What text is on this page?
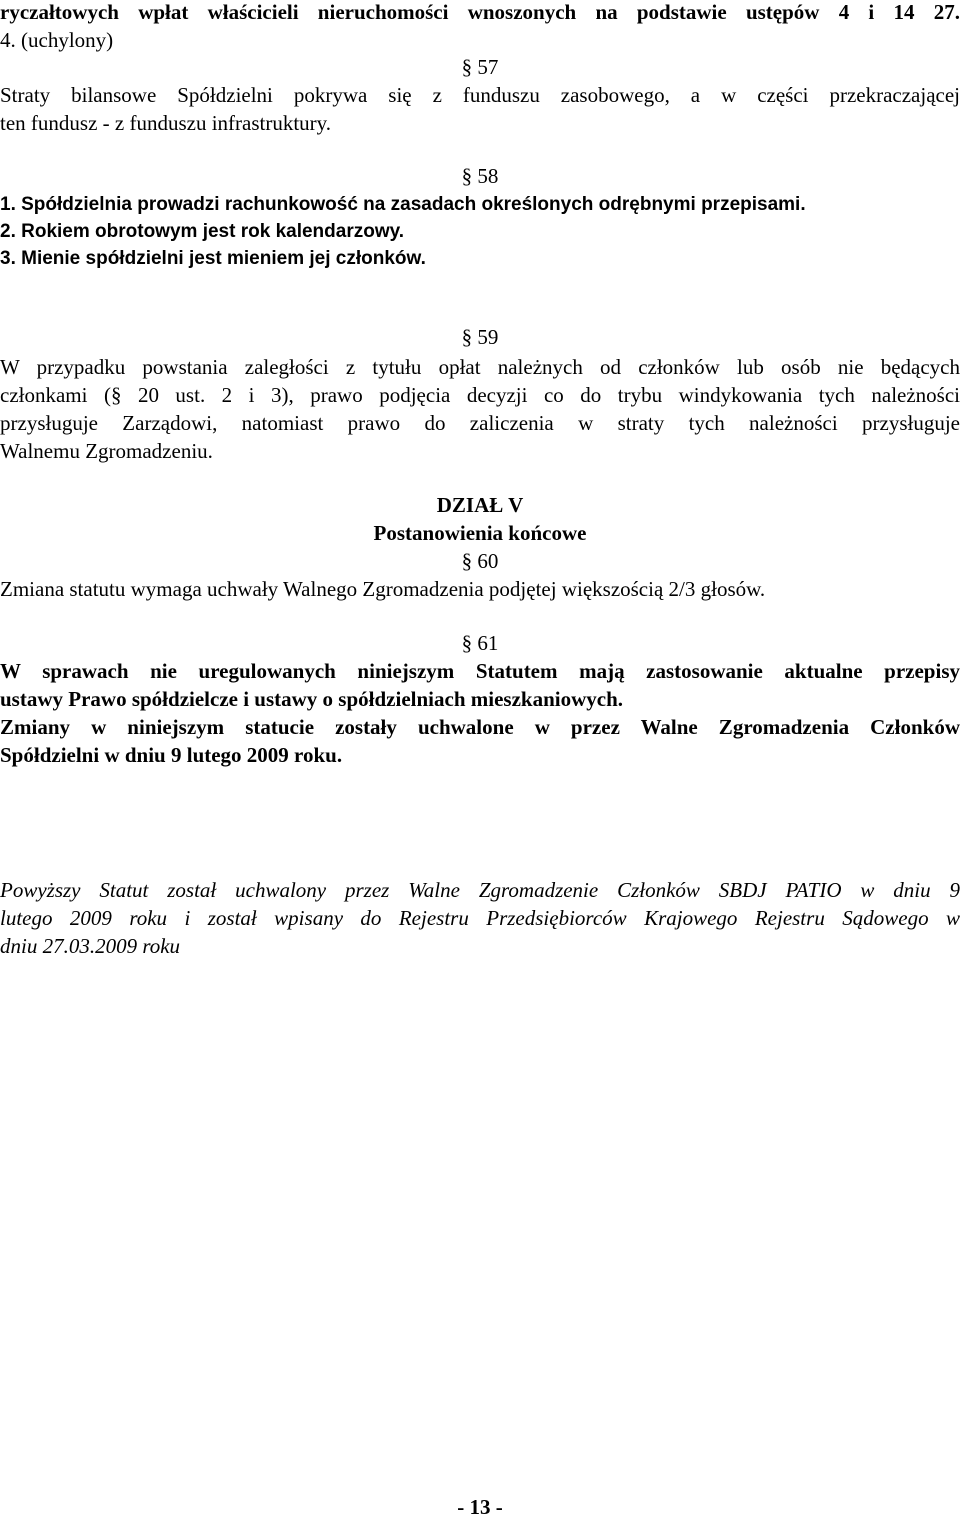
ryczałtowych wpłat właścicieli nieruchomości wnoszonych na podstawie ustępów 4 i 14 27.

4. (uchylony)

§ 57

Straty bilansowe Spółdzielni pokrywa się z funduszu zasobowego, a w części przekraczającej

ten fundusz - z funduszu infrastruktury.

§ 58

1. Spółdzielnia prowadzi rachunkowość na zasadach określonych odrębnymi przepisami.

2. Rokiem obrotowym jest rok kalendarzowy.

3. Mienie spółdzielni jest mieniem jej członków.

§ 59

W przypadku powstania zaległości z tytułu opłat należnych od członków lub osób nie będących

członkami (§ 20 ust. 2 i 3), prawo podjęcia decyzji co do trybu windykowania tych należności

przysługuje Zarządowi, natomiast prawo do zaliczenia w straty tych należności przysługuje

Walnemu Zgromadzeniu.

DZIAŁ V

Postanowienia końcowe

§ 60

Zmiana statutu wymaga uchwały Walnego Zgromadzenia podjętej większością 2/3 głosów.

§ 61

W sprawach nie uregulowanych niniejszym Statutem mają zastosowanie aktualne przepisy

ustawy Prawo spółdzielcze i ustawy o spółdzielniach mieszkaniowych.

Zmiany w niniejszym statucie zostały uchwalone w przez Walne Zgromadzenia Członków

Spółdzielni w dniu 9 lutego 2009 roku.

Powyższy Statut został uchwalony przez Walne Zgromadzenie Członków SBDJ PATIO w dniu 9

lutego 2009 roku i został wpisany do Rejestru Przedsiębiorców Krajowego Rejestru Sądowego w

dniu 27.03.2009 roku

- 13 -
